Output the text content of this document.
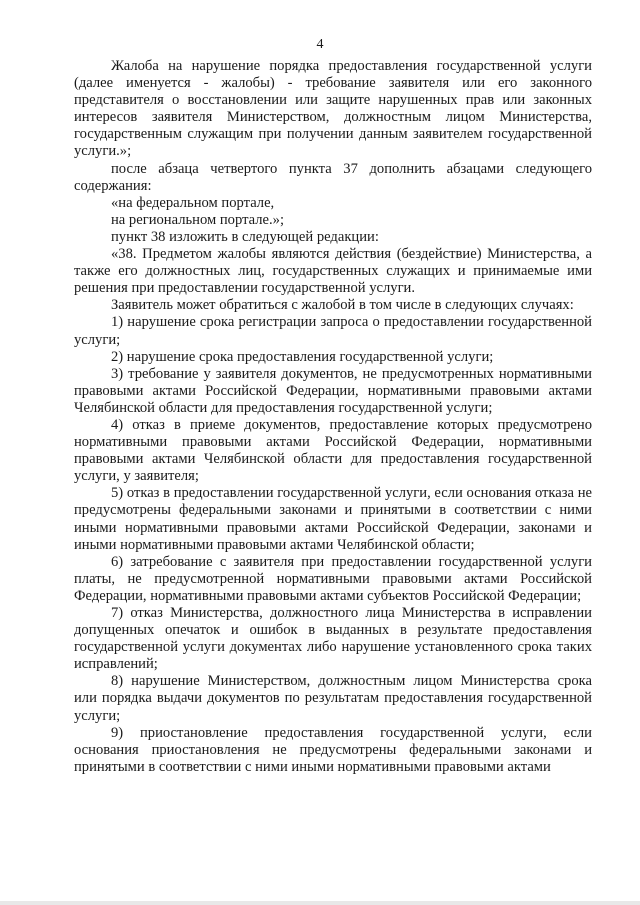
4

Жалоба на нарушение порядка предоставления государственной услуги (далее именуется - жалобы) - требование заявителя или его законного представителя о восстановлении или защите нарушенных прав или законных интересов заявителя Министерством, должностным лицом Министерства, государственным служащим при получении данным заявителем государственной услуги.»;

после абзаца четвертого пункта 37 дополнить абзацами следующего содержания:

«на федеральном портале,

на региональном портале.»;

пункт 38 изложить в следующей редакции:

«38. Предметом жалобы являются действия (бездействие) Министерства, а также его должностных лиц, государственных служащих и принимаемые ими решения при предоставлении государственной услуги.

Заявитель может обратиться с жалобой в том числе в следующих случаях:

1) нарушение срока регистрации запроса о предоставлении государственной услуги;

2) нарушение срока предоставления государственной услуги;

3) требование у заявителя документов, не предусмотренных нормативными правовыми актами Российской Федерации, нормативными правовыми актами Челябинской области для предоставления государственной услуги;

4) отказ в приеме документов, предоставление которых предусмотрено нормативными правовыми актами Российской Федерации, нормативными правовыми актами Челябинской области для предоставления государственной услуги, у заявителя;

5) отказ в предоставлении государственной услуги, если основания отказа не предусмотрены федеральными законами и принятыми в соответствии с ними иными нормативными правовыми актами Российской Федерации, законами и иными нормативными правовыми актами Челябинской области;

6) затребование с заявителя при предоставлении государственной услуги платы, не предусмотренной нормативными правовыми актами Российской Федерации, нормативными правовыми актами субъектов Российской Федерации;

7) отказ Министерства, должностного лица Министерства в исправлении допущенных опечаток и ошибок в выданных в результате предоставления государственной услуги документах либо нарушение установленного срока таких исправлений;

8) нарушение Министерством, должностным лицом Министерства срока или порядка выдачи документов по результатам предоставления государственной услуги;

9) приостановление предоставления государственной услуги, если основания приостановления не предусмотрены федеральными законами и принятыми в соответствии с ними иными нормативными правовыми актами
